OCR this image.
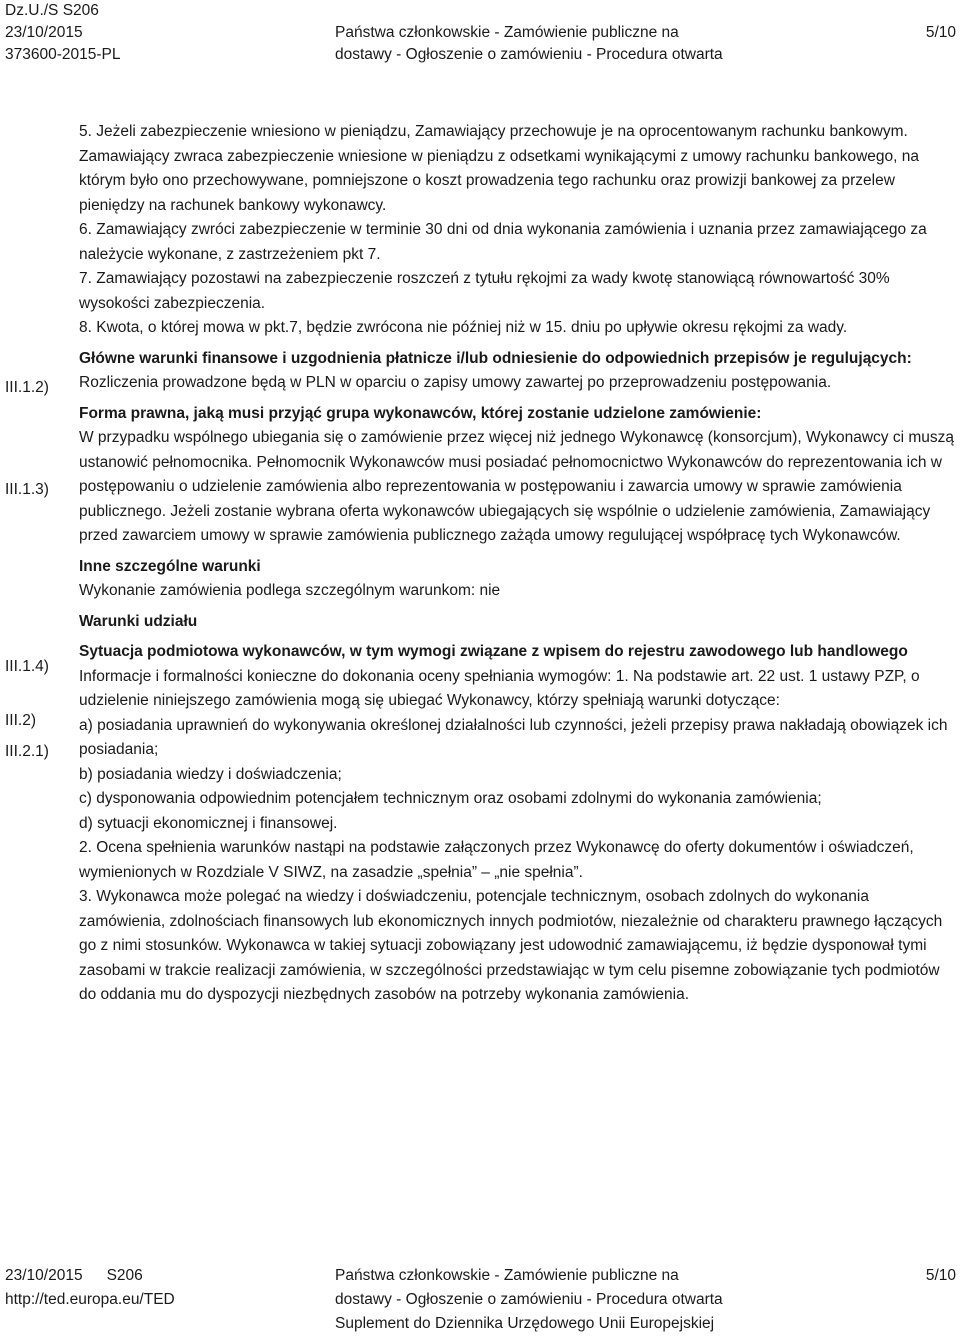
Dz.U./S S206
23/10/2015
373600-2015-PL
Państwa członkowskie - Zamówienie publiczne na
dostawy - Ogłoszenie o zamówieniu - Procedura otwarta
5/10
III.1.2)
III.1.3)
III.1.4)
III.2)
III.2.1)

5. Jeżeli zabezpieczenie wniesiono w pieniądzu, Zamawiający przechowuje je na oprocentowanym rachunku bankowym. Zamawiający zwraca zabezpieczenie wniesione w pieniądzu z odsetkami wynikającymi z umowy rachunku bankowego, na którym było ono przechowywane, pomniejszone o koszt prowadzenia tego rachunku oraz prowizji bankowej za przelew pieniędzy na rachunek bankowy wykonawcy.

6. Zamawiający zwróci zabezpieczenie w terminie 30 dni od dnia wykonania zamówienia i uznania przez zamawiającego za należycie wykonane, z zastrzeżeniem pkt 7.

7. Zamawiający pozostawi na zabezpieczenie roszczeń z tytułu rękojmi za wady kwotę stanowiącą równowartość 30% wysokości zabezpieczenia.

8. Kwota, o której mowa w pkt.7, będzie zwrócona nie później niż w 15. dniu po upływie okresu rękojmi za wady.

Główne warunki finansowe i uzgodnienia płatnicze i/lub odniesienie do odpowiednich przepisów je regulujących:

Rozliczenia prowadzone będą w PLN w oparciu o zapisy umowy zawartej po przeprowadzeniu postępowania.

Forma prawna, jaką musi przyjąć grupa wykonawców, której zostanie udzielone zamówienie:

W przypadku wspólnego ubiegania się o zamówienie przez więcej niż jednego Wykonawcę (konsorcjum), Wykonawcy ci muszą ustanowić pełnomocnika. Pełnomocnik Wykonawców musi posiadać pełnomocnictwo Wykonawców do reprezentowania ich w postępowaniu o udzielenie zamówienia albo reprezentowania w postępowaniu i zawarcia umowy w sprawie zamówienia publicznego. Jeżeli zostanie wybrana oferta wykonawców ubiegających się wspólnie o udzielenie zamówienia, Zamawiający przed zawarciem umowy w sprawie zamówienia publicznego zażąda umowy regulującej współpracę tych Wykonawców.

Inne szczególne warunki

Wykonanie zamówienia podlega szczególnym warunkom: nie

Warunki udziału

Sytuacja podmiotowa wykonawców, w tym wymogi związane z wpisem do rejestru zawodowego lub handlowego

Informacje i formalności konieczne do dokonania oceny spełniania wymogów: 1. Na podstawie art. 22 ust. 1 ustawy PZP, o udzielenie niniejszego zamówienia mogą się ubiegać Wykonawcy, którzy spełniają warunki dotyczące:

a) posiadania uprawnień do wykonywania określonej działalności lub czynności, jeżeli przepisy prawa nakładają obowiązek ich posiadania;

b) posiadania wiedzy i doświadczenia;

c) dysponowania odpowiednim potencjałem technicznym oraz osobami zdolnymi do wykonania zamówienia;

d) sytuacji ekonomicznej i finansowej.

2. Ocena spełnienia warunków nastąpi na podstawie załączonych przez Wykonawcę do oferty dokumentów i oświadczeń, wymienionych w Rozdziale V SIWZ, na zasadzie „spełnia” – „nie spełnia”.

3. Wykonawca może polegać na wiedzy i doświadczeniu, potencjale technicznym, osobach zdolnych do wykonania zamówienia, zdolnościach finansowych lub ekonomicznych innych podmiotów, niezależnie od charakteru prawnego łączących go z nimi stosunków. Wykonawca w takiej sytuacji zobowiązany jest udowodnić zamawiającemu, iż będzie dysponował tymi zasobami w trakcie realizacji zamówienia, w szczególności przedstawiając w tym celu pisemne zobowiązanie tych podmiotów do oddania mu do dyspozycji niezbędnych zasobów na potrzeby wykonania zamówienia.

23/10/2015 S206
http://ted.europa.eu/TED
Państwa członkowskie - Zamówienie publiczne na
dostawy - Ogłoszenie o zamówieniu - Procedura otwarta
Suplement do Dziennika Urzędowego Unii Europejskiej
5/10
